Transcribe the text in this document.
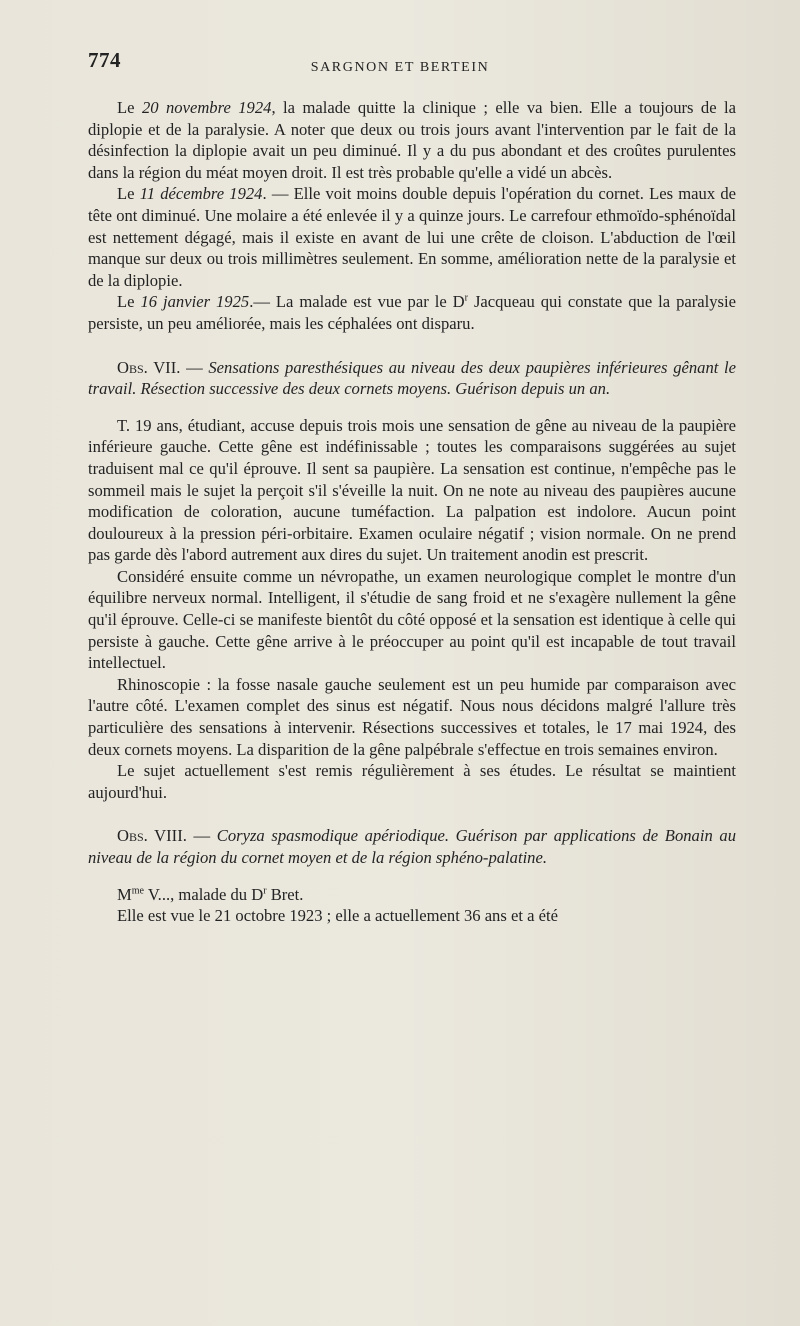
774	SARGNON ET BERTEIN

Le 20 novembre 1924, la malade quitte la clinique ; elle va bien. Elle a toujours de la diplopie et de la paralysie. A noter que deux ou trois jours avant l'intervention par le fait de la désinfection la diplopie avait un peu diminué. Il y a du pus abondant et des croûtes purulentes dans la région du méat moyen droit. Il est très probable qu'elle a vidé un abcès.

Le 11 décembre 1924. — Elle voit moins double depuis l'opération du cornet. Les maux de tête ont diminué. Une molaire a été enlevée il y a quinze jours. Le carrefour ethmoïdo-sphénoïdal est nettement dégagé, mais il existe en avant de lui une crête de cloison. L'abduction de l'œil manque sur deux ou trois millimètres seulement. En somme, amélioration nette de la paralysie et de la diplopie.

Le 16 janvier 1925.— La malade est vue par le $D^r$ Jacqueau qui constate que la paralysie persiste, un peu améliorée, mais les céphalées ont disparu.

Obs. VII. — Sensations paresthésiques au niveau des deux paupières inférieures gênant le travail. Résection successive des deux cornets moyens. Guérison depuis un an.

T. 19 ans, étudiant, accuse depuis trois mois une sensation de gêne au niveau de la paupière inférieure gauche. Cette gêne est indéfinissable ; toutes les comparaisons suggérées au sujet traduisent mal ce qu'il éprouve. Il sent sa paupière. La sensation est continue, n'empêche pas le sommeil mais le sujet la perçoit s'il s'éveille la nuit. On ne note au niveau des paupières aucune modification de coloration, aucune tuméfaction. La palpation est indolore. Aucun point douloureux à la pression péri-orbitaire. Examen oculaire négatif ; vision normale. On ne prend pas garde dès l'abord autrement aux dires du sujet. Un traitement anodin est prescrit.

Considéré ensuite comme un névropathe, un examen neurologique complet le montre d'un équilibre nerveux normal. Intelligent, il s'étudie de sang froid et ne s'exagère nullement la gêne qu'il éprouve. Celle-ci se manifeste bientôt du côté opposé et la sensation est identique à celle qui persiste à gauche. Cette gêne arrive à le préoccuper au point qu'il est incapable de tout travail intellectuel.

Rhinoscopie : la fosse nasale gauche seulement est un peu humide par comparaison avec l'autre côté. L'examen complet des sinus est négatif. Nous nous décidons malgré l'allure très particulière des sensations à intervenir. Résections successives et totales, le 17 mai 1924, des deux cornets moyens. La disparition de la gêne palpébrale s'effectue en trois semaines environ.

Le sujet actuellement s'est remis régulièrement à ses études. Le résultat se maintient aujourd'hui.

Obs. VIII. — Coryza spasmodique apériodique. Guérison par applications de Bonain au niveau de la région du cornet moyen et de la région sphéno-palatine.

$M^{me}$ V..., malade du $D^r$ Bret.

Elle est vue le 21 octobre 1923 ; elle a actuellement 36 ans et a été
